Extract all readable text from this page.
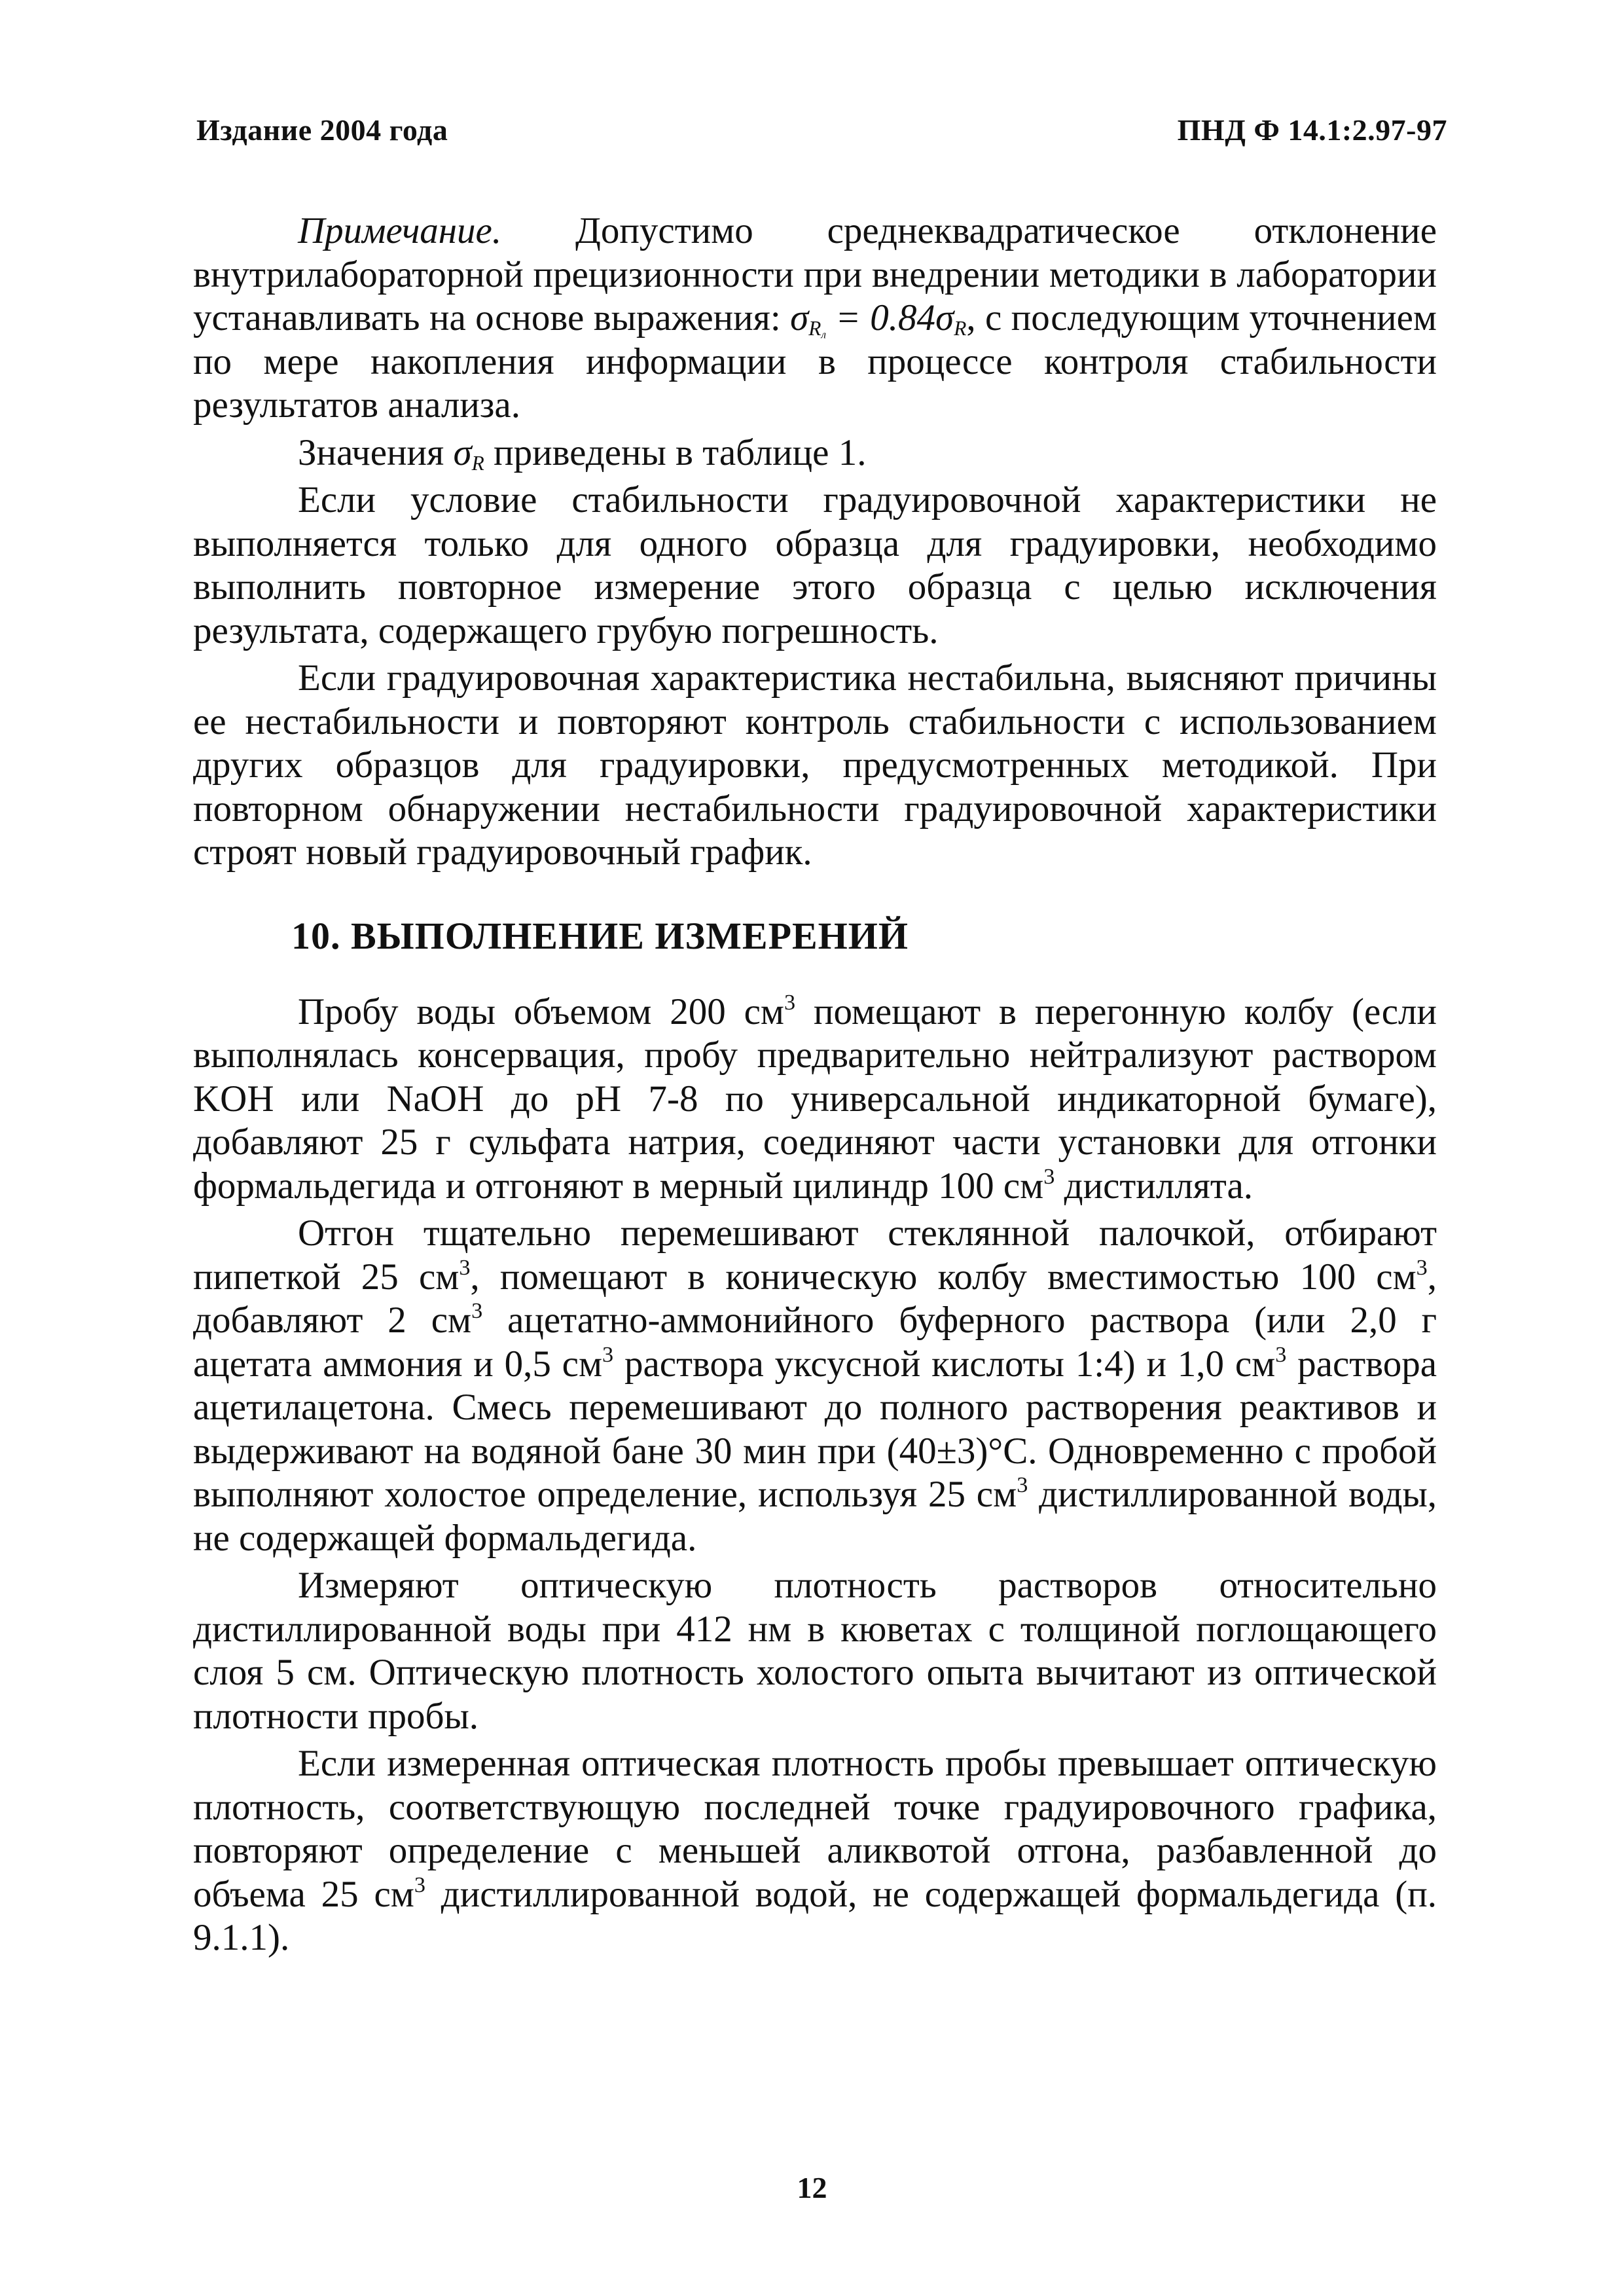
Издание 2004 года	ПНД Ф 14.1:2.97-97

Примечание. Допустимо среднеквадратическое отклонение внутрилабораторной прецизионности при внедрении методики в лаборатории устанавливать на основе выражения: $\sigma_{R_л} = 0.84\sigma_R$, с последующим уточнением по мере накопления информации в процессе контроля стабильности результатов анализа.

Значения $\sigma_R$ приведены в таблице 1.

Если условие стабильности градуировочной характеристики не выполняется только для одного образца для градуировки, необходимо выполнить повторное измерение этого образца с целью исключения результата, содержащего грубую погрешность.

Если градуировочная характеристика нестабильна, выясняют причины ее нестабильности и повторяют контроль стабильности с использованием других образцов для градуировки, предусмотренных методикой. При повторном обнаружении нестабильности градуировочной характеристики строят новый градуировочный график.

10. ВЫПОЛНЕНИЕ ИЗМЕРЕНИЙ

Пробу воды объемом 200 $см^3$ помещают в перегонную колбу (если выполнялась консервация, пробу предварительно нейтрализуют раствором KOH или NaOH до pH 7-8 по универсальной индикаторной бумаге), добавляют 25 г сульфата натрия, соединяют части установки для отгонки формальдегида и отгоняют в мерный цилиндр 100 $см^3$ дистиллята.

Отгон тщательно перемешивают стеклянной палочкой, отбирают пипеткой 25 $см^3$, помещают в коническую колбу вместимостью 100 $см^3$, добавляют 2 $см^3$ ацетатно-аммонийного буферного раствора (или 2,0 г ацетата аммония и 0,5 $см^3$ раствора уксусной кислоты 1:4) и 1,0 $см^3$ раствора ацетилацетона. Смесь перемешивают до полного растворения реактивов и выдерживают на водяной бане 30 мин при (40±3)°С. Одновременно с пробой выполняют холостое определение, используя 25 $см^3$ дистиллированной воды, не содержащей формальдегида.

Измеряют оптическую плотность растворов относительно дистиллированной воды при 412 нм в кюветах с толщиной поглощающего слоя 5 см. Оптическую плотность холостого опыта вычитают из оптической плотности пробы.

Если измеренная оптическая плотность пробы превышает оптическую плотность, соответствующую последней точке градуировочного графика, повторяют определение с меньшей аликвотой отгона, разбавленной до объема 25 $см^3$ дистиллированной водой, не содержащей формальдегида (п. 9.1.1).

12
